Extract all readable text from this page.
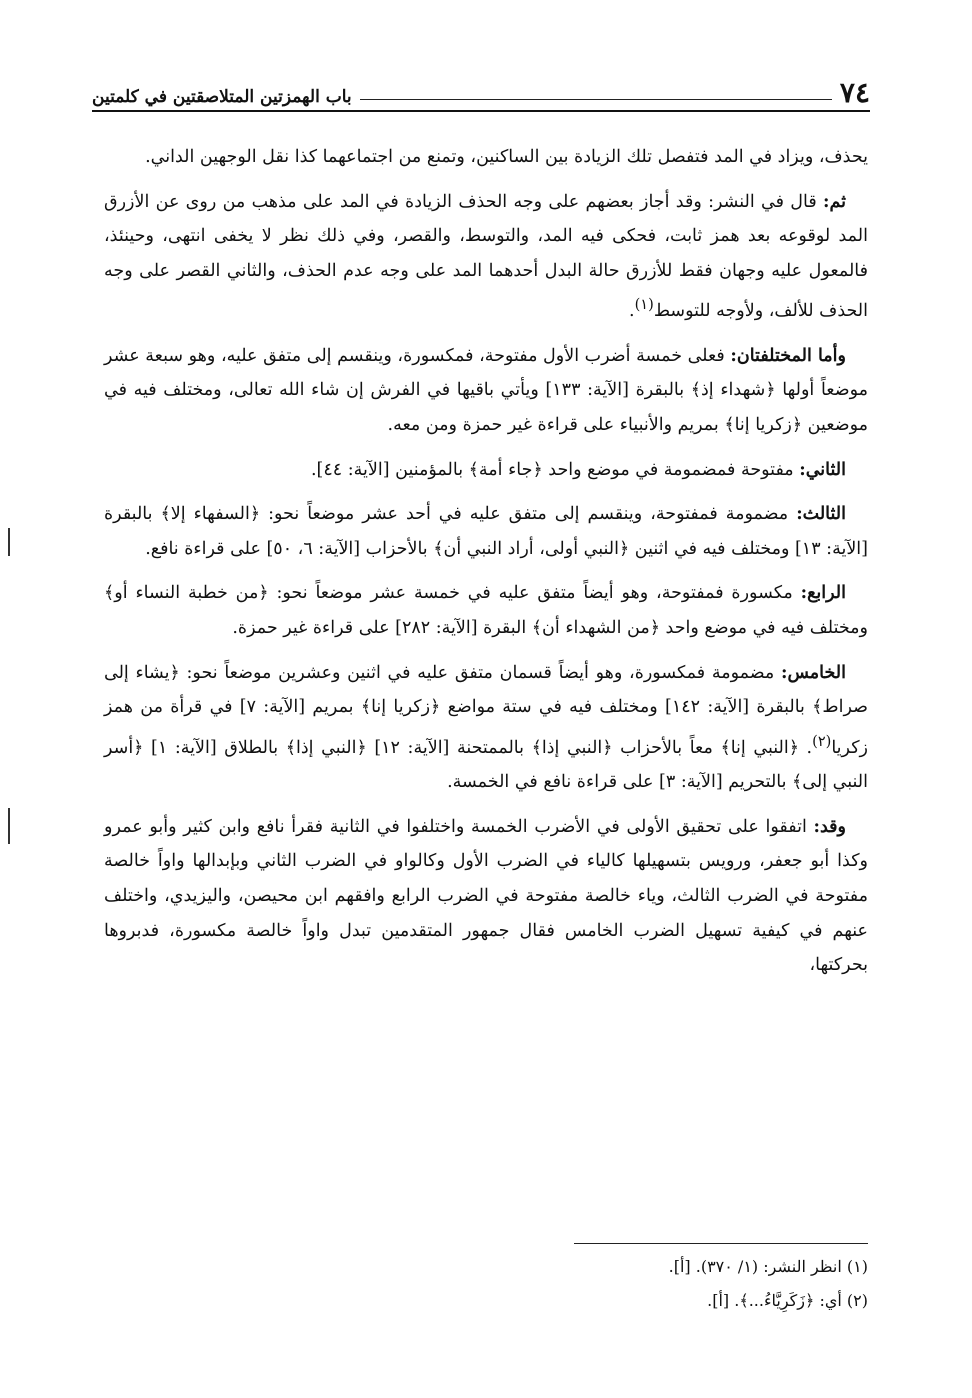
٧٤
باب الهمزتين المتلاصقتين في كلمتين

يحذف، ويزاد في المد فتفصل تلك الزيادة بين الساكنين، وتمنع من اجتماعهما كذا نقل الوجهين الداني.

ثم: قال في النشر: وقد أجاز بعضهم على وجه الحذف الزيادة في المد على مذهب من روى عن الأزرق المد لوقوعه بعد همز ثابت، فحكى فيه المد، والتوسط، والقصر، وفي ذلك نظر لا يخفى انتهى، وحينئذ، فالمعول عليه وجهان فقط للأزرق حالة البدل أحدهما المد على وجه عدم الحذف، والثاني القصر على وجه الحذف للألف، ولأوجه للتوسط$^{(١)}$.

وأما المختلفتان: فعلى خمسة أضرب الأول مفتوحة، فمكسورة، وينقسم إلى متفق عليه، وهو سبعة عشر موضعاً أولها ﴿شهداء إذ﴾ بالبقرة [الآية: ١٣٣] ويأتي باقيها في الفرش إن شاء الله تعالى، ومختلف فيه في موضعين ﴿زكريا إنا﴾ بمريم والأنبياء على قراءة غير حمزة ومن معه.

الثاني: مفتوحة فمضمومة في موضع واحد ﴿جاء أمة﴾ بالمؤمنين [الآية: ٤٤].

الثالث: مضمومة فمفتوحة، وينقسم إلى متفق عليه في أحد عشر موضعاً نحو: ﴿السفهاء إلا﴾ بالبقرة [الآية: ١٣] ومختلف فيه في اثنين ﴿النبي أولى، أراد النبي أن﴾ بالأحزاب [الآية: ٦، ٥٠] على قراءة نافع.

الرابع: مكسورة فمفتوحة، وهو أيضاً متفق عليه في خمسة عشر موضعاً نحو: ﴿من خطبة النساء أو﴾ ومختلف فيه في موضع واحد ﴿من الشهداء أن﴾ البقرة [الآية: ٢٨٢] على قراءة غير حمزة.

الخامس: مضمومة فمكسورة، وهو أيضاً قسمان متفق عليه في اثنين وعشرين موضعاً نحو: ﴿يشاء إلى صراط﴾ بالبقرة [الآية: ١٤٢] ومختلف فيه في ستة مواضع ﴿زكريا إنا﴾ بمريم [الآية: ٧] في قرأة من همز زكريا$^{(٢)}$. ﴿النبي إنا﴾ معاً بالأحزاب ﴿النبي إذا﴾ بالممتحنة [الآية: ١٢] ﴿النبي إذا﴾ بالطلاق [الآية: ١] ﴿أسر النبي إلى﴾ بالتحريم [الآية: ٣] على قراءة نافع في الخمسة.

وقد: اتفقوا على تحقيق الأولى في الأضرب الخمسة واختلفوا في الثانية فقرأ نافع وابن كثير وأبو عمرو وكذا أبو جعفر، ورويس بتسهيلها كالياء في الضرب الأول وكالواو في الضرب الثاني وبإبدالها واواً خالصة مفتوحة في الضرب الثالث، وياء خالصة مفتوحة في الضرب الرابع وافقهم ابن محيصن، واليزيدي، واختلف عنهم في كيفية تسهيل الضرب الخامس فقال جمهور المتقدمين تبدل واواً خالصة مكسورة، فدبروها بحركتها،

(١) انظر النشر: (١/ ٣٧٠). [أ].

(٢) أي: ﴿زَكَرِيَّاءُ...﴾. [أ].
